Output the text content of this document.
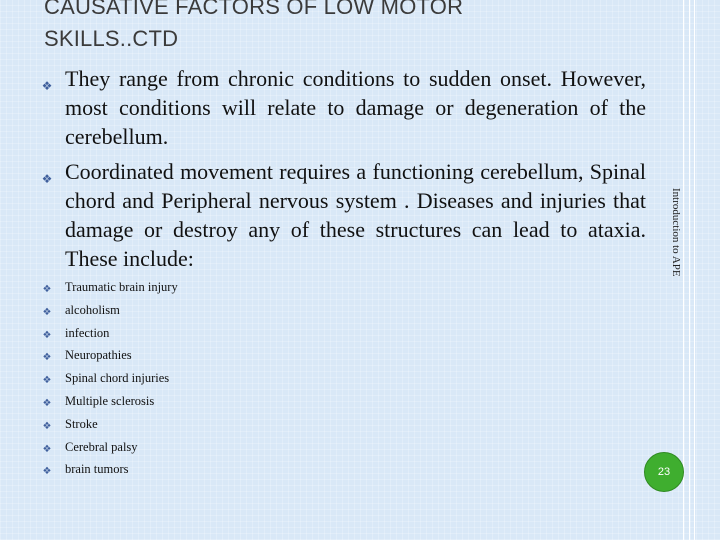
CAUSATIVE FACTORS OF LOW MOTOR
SKILLS..CTD
❖ They range from chronic conditions to sudden onset. However, most conditions will relate to damage or degeneration of the cerebellum.
❖ Coordinated movement requires a functioning cerebellum, Spinal chord and Peripheral nervous system . Diseases and injuries that damage or destroy any of these structures can lead to ataxia. These include:
❖ Traumatic brain injury
❖ alcoholism
❖ infection
❖ Neuropathies
❖ Spinal chord injuries
❖ Multiple sclerosis
❖ Stroke
❖ Cerebral palsy
❖ brain tumors
Introduction to APE
23
